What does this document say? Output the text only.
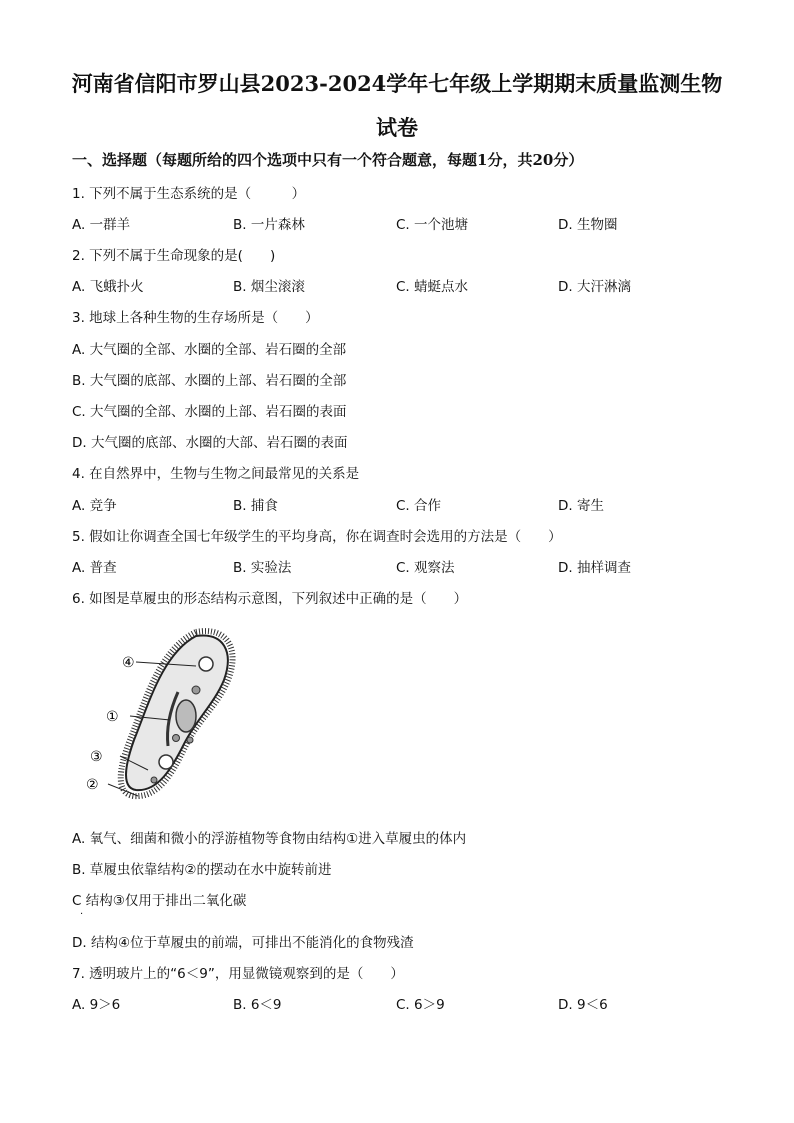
河南省信阳市罗山县2023-2024学年七年级上学期期末质量监测生物
试卷
一、选择题（每题所给的四个选项中只有一个符合题意，每题1分，共20分）
1. 下列不属于生态系统的是（　　　）
A. 一群羊	B. 一片森林	C. 一个池塘	D. 生物圈
2. 下列不属于生命现象的是(　　)
A. 飞蛾扑火	B. 烟尘滚滚	C. 蜻蜓点水	D. 大汗淋漓
3. 地球上各种生物的生存场所是（　　）
A. 大气圈的全部、水圈的全部、岩石圈的全部
B. 大气圈的底部、水圈的上部、岩石圈的全部
C. 大气圈的全部、水圈的上部、岩石圈的表面
D. 大气圈的底部、水圈的大部、岩石圈的表面
4. 在自然界中，生物与生物之间最常见的关系是
A. 竞争	B. 捕食	C. 合作	D. 寄生
5. 假如让你调查全国七年级学生的平均身高，你在调查时会选用的方法是（　　）
A. 普查	B. 实验法	C. 观察法	D. 抽样调查
6. 如图是草履虫的形态结构示意图，下列叙述中正确的是（　　）
④
①
③
②
A. 氧气、细菌和微小的浮游植物等食物由结构①进入草履虫的体内
B. 草履虫依靠结构②的摆动在水中旋转前进
C 结构③仅用于排出二氧化碳
.
D. 结构④位于草履虫的前端，可排出不能消化的食物残渣
7. 透明玻片上的“6＜9”，用显微镜观察到的是（　　）
A. 9＞6	B. 6＜9	C. 6＞9	D. 9＜6
